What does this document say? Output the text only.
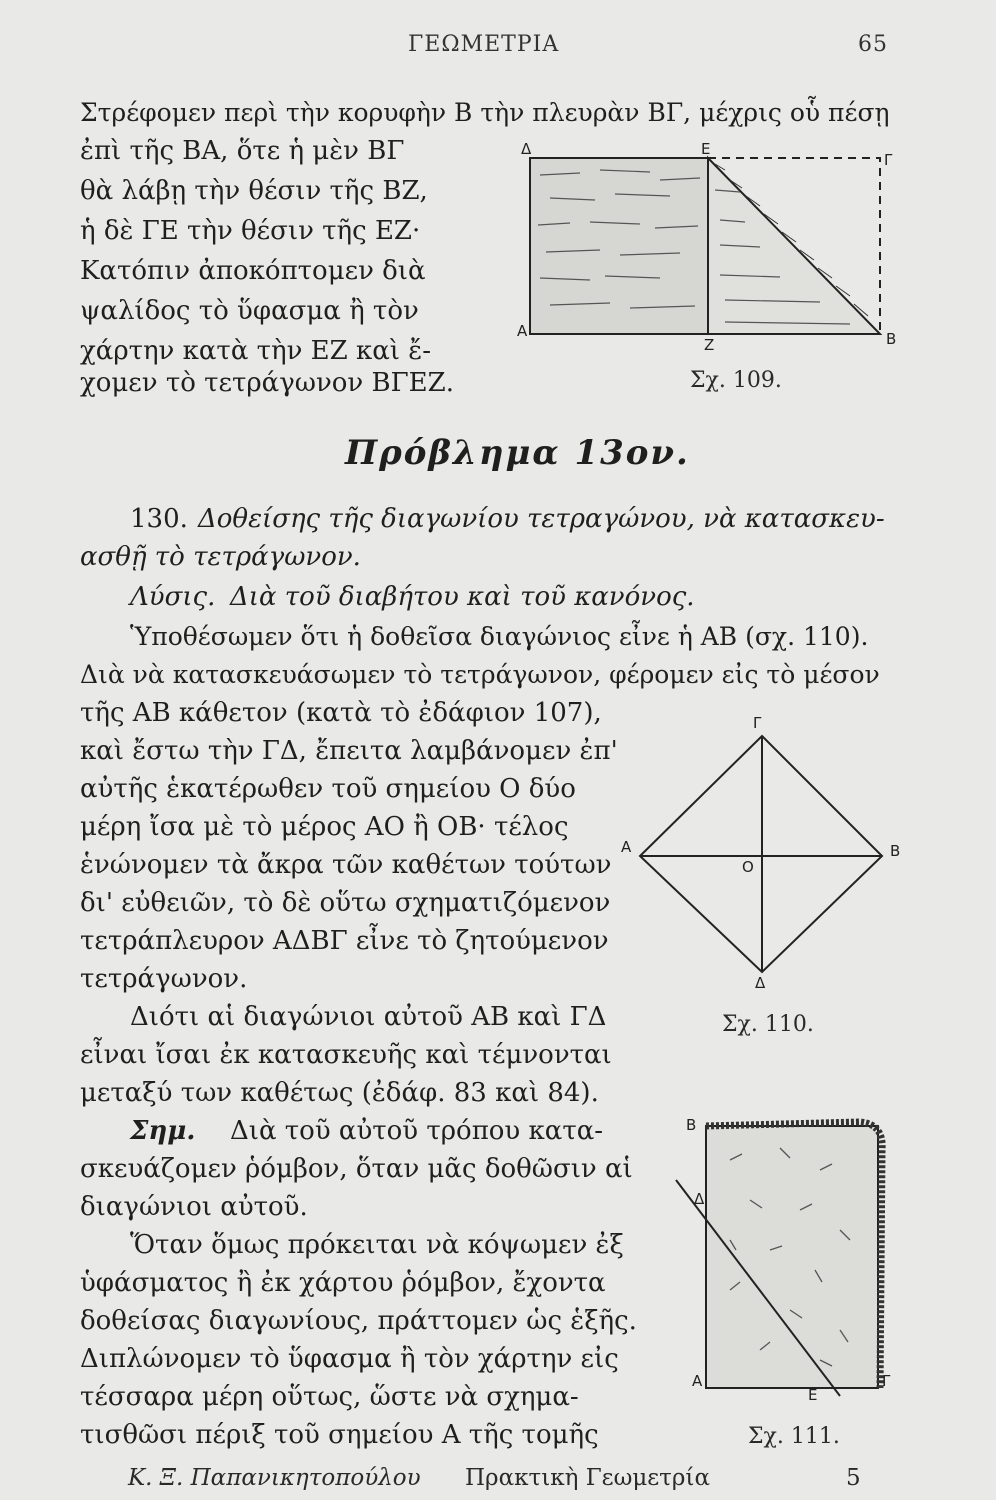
ΓΕΩΜΕΤΡΙΑ	65
Στρέφομεν περὶ τὴν κορυφὴν Β τὴν πλευρὰν ΒΓ, μέχρις οὗ πέσῃ
ἐπὶ τῆς ΒΑ, ὅτε ἡ μὲν ΒΓ
θὰ λάβῃ τὴν θέσιν τῆς ΒΖ,
ἡ δὲ ΓΕ τὴν θέσιν τῆς ΕΖ·
Κατόπιν ἀποκόπτομεν διὰ
ψαλίδος τὸ ὕφασμα ἢ τὸν
χάρτην κατὰ τὴν ΕΖ καὶ ἔ-
χομεν τὸ τετράγωνον ΒΓΕΖ.
Δ	Ε
Γ
Α
Ζ	Β
Σχ. 109.
Πρόβλημα 13ον.
130. Δοθείσης τῆς διαγωνίου τετραγώνου, νὰ κατασκευ-
ασθῇ τὸ τετράγωνον.
Λύσις. Διὰ τοῦ διαβήτου καὶ τοῦ κανόνος.
Ὑποθέσωμεν ὅτι ἡ δοθεῖσα διαγώνιος εἶνε ἡ ΑΒ (σχ. 110).
Διὰ νὰ κατασκευάσωμεν τὸ τετράγωνον, φέρομεν εἰς τὸ μέσον
τῆς ΑΒ κάθετον (κατὰ τὸ ἐδάφιον 107),
καὶ ἔστω τὴν ΓΔ, ἔπειτα λαμβάνομεν ἐπ'
αὐτῆς ἑκατέρωθεν τοῦ σημείου Ο δύο
μέρη ἴσα μὲ τὸ μέρος ΑΟ ἢ ΟΒ· τέλος
ἑνώνομεν τὰ ἄκρα τῶν καθέτων τούτων
δι' εὐθειῶν, τὸ δὲ οὕτω σχηματιζόμενον
τετράπλευρον ΑΔΒΓ εἶνε τὸ ζητούμενον
τετράγωνον.
Διότι αἱ διαγώνιοι αὐτοῦ ΑΒ καὶ ΓΔ
εἶναι ἴσαι ἐκ κατασκευῆς καὶ τέμνονται
μεταξύ των καθέτως (ἐδάφ. 83 καὶ 84).
Γ
Α
Ο
Β
Δ
Σχ. 110.
Σημ. Διὰ τοῦ αὐτοῦ τρόπου κατα-
σκευάζομεν ῥόμβον, ὅταν μᾶς δοθῶσιν αἱ
διαγώνιοι αὐτοῦ.
Ὅταν ὅμως πρόκειται νὰ κόψωμεν ἐξ
ὑφάσματος ἢ ἐκ χάρτου ῥόμβον, ἔχοντα
δοθείσας διαγωνίους, πράττομεν ὡς ἑξῆς.
Διπλώνομεν τὸ ὕφασμα ἢ τὸν χάρτην εἰς
τέσσαρα μέρη οὕτως, ὥστε νὰ σχημα-
τισθῶσι πέριξ τοῦ σημείου Α τῆς τομῆς
Β
Δ
Α
Ε
Γ
Σχ. 111.
Κ. Ξ. Παπανικητοπούλου Πρακτικὴ Γεωμετρία	5
